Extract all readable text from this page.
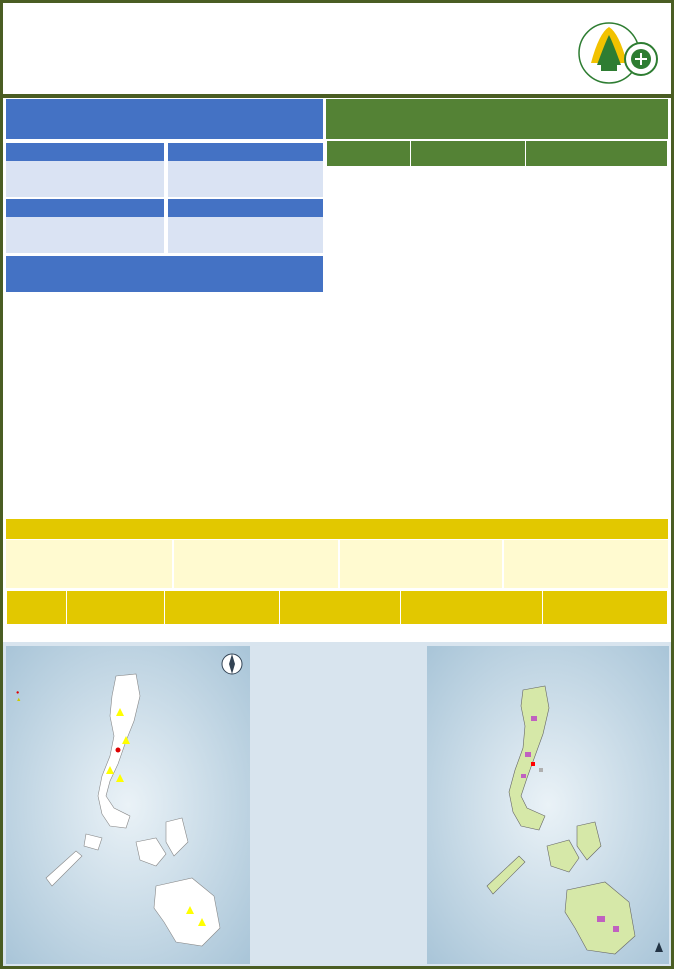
●
▲
